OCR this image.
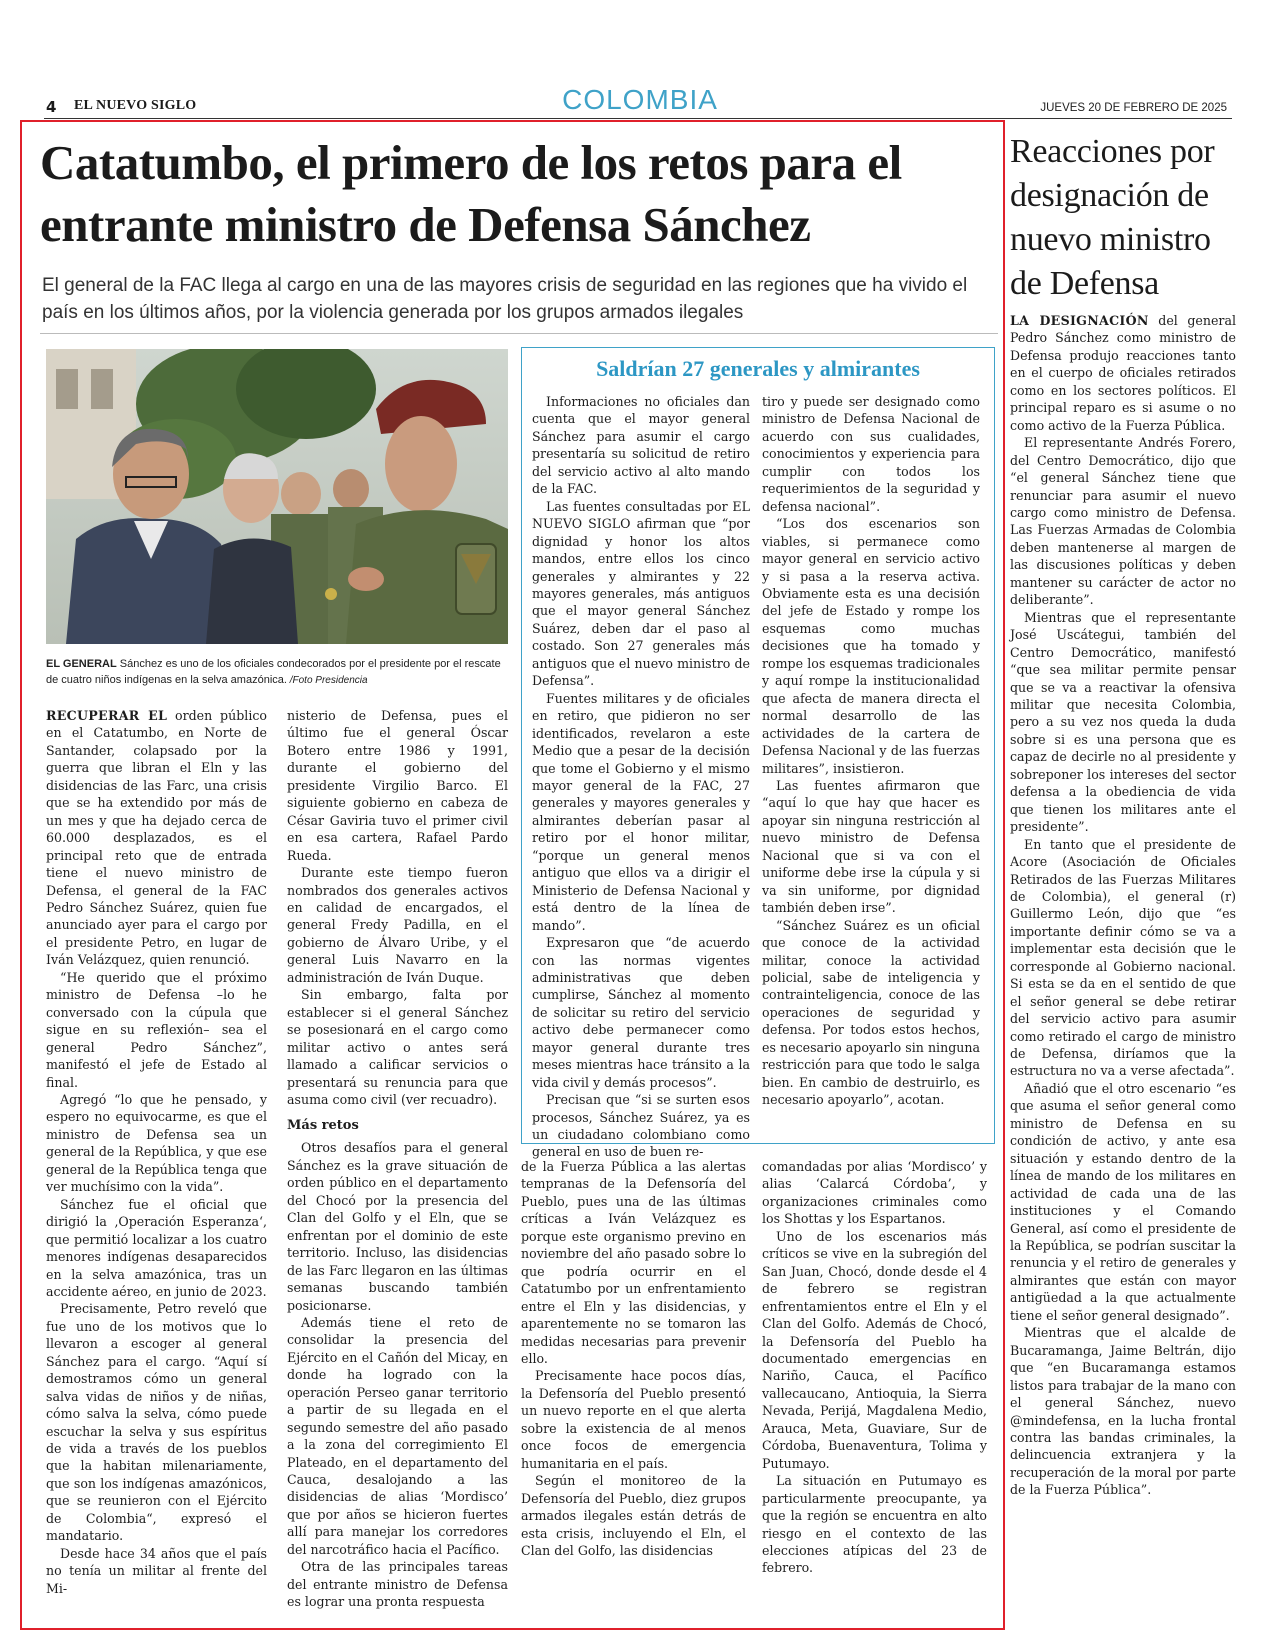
4 EL NUEVO SIGLO	COLOMBIA	JUEVES 20 DE FEBRERO DE 2025
Catatumbo, el primero de los retos para el entrante ministro de Defensa Sánchez
El general de la FAC llega al cargo en una de las mayores crisis de seguridad en las regiones que ha vivido el país en los últimos años, por la violencia generada por los grupos armados ilegales
EL GENERAL Sánchez es uno de los oficiales condecorados por el presidente por el rescate de cuatro niños indígenas en la selva amazónica. /Foto Presidencia

RECUPERAR EL orden público en el Catatumbo, en Norte de Santander, colapsado por la guerra que libran el Eln y las disidencias de las Farc, una crisis que se ha extendido por más de un mes y que ha dejado cerca de 60.000 desplazados, es el principal reto que de entrada tiene el nuevo ministro de Defensa, el general de la FAC Pedro Sánchez Suárez, quien fue anunciado ayer para el cargo por el presidente Petro, en lugar de Iván Velázquez, quien renunció.

“He querido que el próximo ministro de Defensa –lo he conversado con la cúpula que sigue en su reflexión– sea el general Pedro Sánchez”, manifestó el jefe de Estado al final.

Agregó “lo que he pensado, y espero no equivocarme, es que el ministro de Defensa sea un general de la República, y que ese general de la República tenga que ver muchísimo con la vida”.

Sánchez fue el oficial que dirigió la ‚Operación Esperanza‘, que permitió localizar a los cuatro menores indígenas desaparecidos en la selva amazónica, tras un accidente aéreo, en junio de 2023.

Precisamente, Petro reveló que fue uno de los motivos que lo llevaron a escoger al general Sánchez para el cargo. “Aquí sí demostramos cómo un general salva vidas de niños y de niñas, cómo salva la selva, cómo puede escuchar la selva y sus espíritus de vida a través de los pueblos que la habitan milenariamente, que son los indígenas amazónicos, que se reunieron con el Ejército de Colombia“, expresó el mandatario.

Desde hace 34 años que el país no tenía un militar al frente del Mi-

nisterio de Defensa, pues el último fue el general Óscar Botero entre 1986 y 1991, durante el gobierno del presidente Virgilio Barco. El siguiente gobierno en cabeza de César Gaviria tuvo el primer civil en esa cartera, Rafael Pardo Rueda.

Durante este tiempo fueron nombrados dos generales activos en calidad de encargados, el general Fredy Padilla, en el gobierno de Álvaro Uribe, y el general Luis Navarro en la administración de Iván Duque.

Sin embargo, falta por establecer si el general Sánchez se posesionará en el cargo como militar activo o antes será llamado a calificar servicios o presentará su renuncia para que asuma como civil (ver recuadro).

Más retos

Otros desafíos para el general Sánchez es la grave situación de orden público en el departamento del Chocó por la presencia del Clan del Golfo y el Eln, que se enfrentan por el dominio de este territorio. Incluso, las disidencias de las Farc llegaron en las últimas semanas buscando también posicionarse.

Además tiene el reto de consolidar la presencia del Ejército en el Cañón del Micay, en donde ha logrado con la operación Perseo ganar territorio a partir de su llegada en el segundo semestre del año pasado a la zona del corregimiento El Plateado, en el departamento del Cauca, desalojando a las disidencias de alias ‘Mordisco’ que por años se hicieron fuertes allí para manejar los corredores del narcotráfico hacia el Pacífico.

Otra de las principales tareas del entrante ministro de Defensa es lograr una pronta respuesta

Saldrían 27 generales y almirantes

Informaciones no oficiales dan cuenta que el mayor general Sánchez para asumir el cargo presentaría su solicitud de retiro del servicio activo al alto mando de la FAC.

Las fuentes consultadas por EL NUEVO SIGLO afirman que “por dignidad y honor los altos mandos, entre ellos los cinco generales y almirantes y 22 mayores generales, más antiguos que el mayor general Sánchez Suárez, deben dar el paso al costado. Son 27 generales más antiguos que el nuevo ministro de Defensa”.

Fuentes militares y de oficiales en retiro, que pidieron no ser identificados, revelaron a este Medio que a pesar de la decisión que tome el Gobierno y el mismo mayor general de la FAC, 27 generales y mayores generales y almirantes deberían pasar al retiro por el honor militar, “porque un general menos antiguo que ellos va a dirigir el Ministerio de Defensa Nacional y está dentro de la línea de mando”.

Expresaron que “de acuerdo con las normas vigentes administrativas que deben cumplirse, Sánchez al momento de solicitar su retiro del servicio activo debe permanecer como mayor general durante tres meses mientras hace tránsito a la vida civil y demás procesos”.

Precisan que “si se surten esos procesos, Sánchez Suárez, ya es un ciudadano colombiano como general en uso de buen re-

tiro y puede ser designado como ministro de Defensa Nacional de acuerdo con sus cualidades, conocimientos y experiencia para cumplir con todos los requerimientos de la seguridad y defensa nacional”.

“Los dos escenarios son viables, si permanece como mayor general en servicio activo y si pasa a la reserva activa. Obviamente esta es una decisión del jefe de Estado y rompe los esquemas como muchas decisiones que ha tomado y rompe los esquemas tradicionales y aquí rompe la institucionalidad que afecta de manera directa el normal desarrollo de las actividades de la cartera de Defensa Nacional y de las fuerzas militares”, insistieron.

Las fuentes afirmaron que “aquí lo que hay que hacer es apoyar sin ninguna restricción al nuevo ministro de Defensa Nacional que si va con el uniforme debe irse la cúpula y si va sin uniforme, por dignidad también deben irse”.

“Sánchez Suárez es un oficial que conoce de la actividad militar, conoce la actividad policial, sabe de inteligencia y contrainteligencia, conoce de las operaciones de seguridad y defensa. Por todos estos hechos, es necesario apoyarlo sin ninguna restricción para que todo le salga bien. En cambio de destruirlo, es necesario apoyarlo”, acotan.

de la Fuerza Pública a las alertas tempranas de la Defensoría del Pueblo, pues una de las últimas críticas a Iván Velázquez es porque este organismo previno en noviembre del año pasado sobre lo que podría ocurrir en el Catatumbo por un enfrentamiento entre el Eln y las disidencias, y aparentemente no se tomaron las medidas necesarias para prevenir ello.

Precisamente hace pocos días, la Defensoría del Pueblo presentó un nuevo reporte en el que alerta sobre la existencia de al menos once focos de emergencia humanitaria en el país.

Según el monitoreo de la Defensoría del Pueblo, diez grupos armados ilegales están detrás de esta crisis, incluyendo el Eln, el Clan del Golfo, las disidencias

comandadas por alias ‘Mordisco’ y alias ‘Calarcá Córdoba’, y organizaciones criminales como los Shottas y los Espartanos.

Uno de los escenarios más críticos se vive en la subregión del San Juan, Chocó, donde desde el 4 de febrero se registran enfrentamientos entre el Eln y el Clan del Golfo. Además de Chocó, la Defensoría del Pueblo ha documentado emergencias en Nariño, Cauca, el Pacífico vallecaucano, Antioquia, la Sierra Nevada, Perijá, Magdalena Medio, Arauca, Meta, Guaviare, Sur de Córdoba, Buenaventura, Tolima y Putumayo.

La situación en Putumayo es particularmente preocupante, ya que la región se encuentra en alto riesgo en el contexto de las elecciones atípicas del 23 de febrero.

Reacciones por designación de nuevo ministro de Defensa

LA DESIGNACIÓN del general Pedro Sánchez como ministro de Defensa produjo reacciones tanto en el cuerpo de oficiales retirados como en los sectores políticos. El principal reparo es si asume o no como activo de la Fuerza Pública.

El representante Andrés Forero, del Centro Democrático, dijo que “el general Sánchez tiene que renunciar para asumir el nuevo cargo como ministro de Defensa. Las Fuerzas Armadas de Colombia deben mantenerse al margen de las discusiones políticas y deben mantener su carácter de actor no deliberante”.

Mientras que el representante José Uscátegui, también del Centro Democrático, manifestó “que sea militar permite pensar que se va a reactivar la ofensiva militar que necesita Colombia, pero a su vez nos queda la duda sobre si es una persona que es capaz de decirle no al presidente y sobreponer los intereses del sector defensa a la obediencia de vida que tienen los militares ante el presidente”.

En tanto que el presidente de Acore (Asociación de Oficiales Retirados de las Fuerzas Militares de Colombia), el general (r) Guillermo León, dijo que “es importante definir cómo se va a implementar esta decisión que le corresponde al Gobierno nacional. Si esta se da en el sentido de que el señor general se debe retirar del servicio activo para asumir como retirado el cargo de ministro de Defensa, diríamos que la estructura no va a verse afectada”.

Añadió que el otro escenario “es que asuma el señor general como ministro de Defensa en su condición de activo, y ante esa situación y estando dentro de la línea de mando de los militares en actividad de cada una de las instituciones y el Comando General, así como el presidente de la República, se podrían suscitar la renuncia y el retiro de generales y almirantes que están con mayor antigüedad a la que actualmente tiene el señor general designado”.

Mientras que el alcalde de Bucaramanga, Jaime Beltrán, dijo que “en Bucaramanga estamos listos para trabajar de la mano con el general Sánchez, nuevo @mindefensa, en la lucha frontal contra las bandas criminales, la delincuencia extranjera y la recuperación de la moral por parte de la Fuerza Pública”.
